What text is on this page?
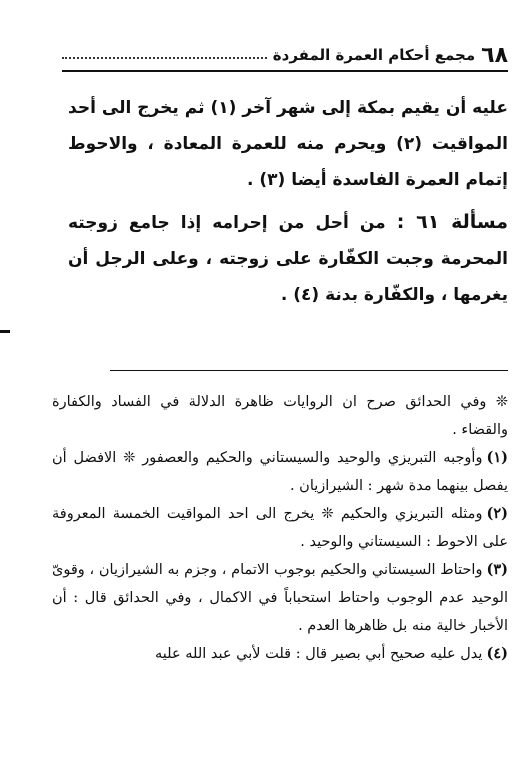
٦٨
مجمع أحكام العمرة المفردة

عليه أن يقيم بمكة إلى شهر آخر (١) ثم يخرج الى أحد المواقيت (٢) ويحرم منه للعمرة المعادة ، والاحوط إتمام العمرة الفاسدة أيضا (٣) .

مسألة ٦١ : من أحل من إحرامه إذا جامع زوجته المحرمة وجبت الكفّارة على زوجته ، وعلى الرجل أن يغرمها ، والكفّارة بدنة (٤) .

❊ وفي الحدائق صرح ان الروايات ظاهرة الدلالة في الفساد والكفارة والقضاء .

(١)وأوجبه التبريزي والوحيد والسيستاني والحكيم والعصفور ❊ الافضل أن يفصل بينهما مدة شهر : الشيرازيان .

(٢)ومثله التبريزي والحكيم ❊ يخرج الى احد المواقيت الخمسة المعروفة على الاحوط : السيستاني والوحيد .

(٣)واحتاط السيستاني والحكيم بوجوب الاتمام ، وجزم به الشيرازيان ، وقوىّ الوحيد عدم الوجوب واحتاط استحباباً في الاكمال ، وفي الحدائق قال : أن الأخبار خالية منه بل ظاهرها العدم .

(٤)يدل عليه صحيح أبي بصير قال : قلت لأبي عبد الله عليه
